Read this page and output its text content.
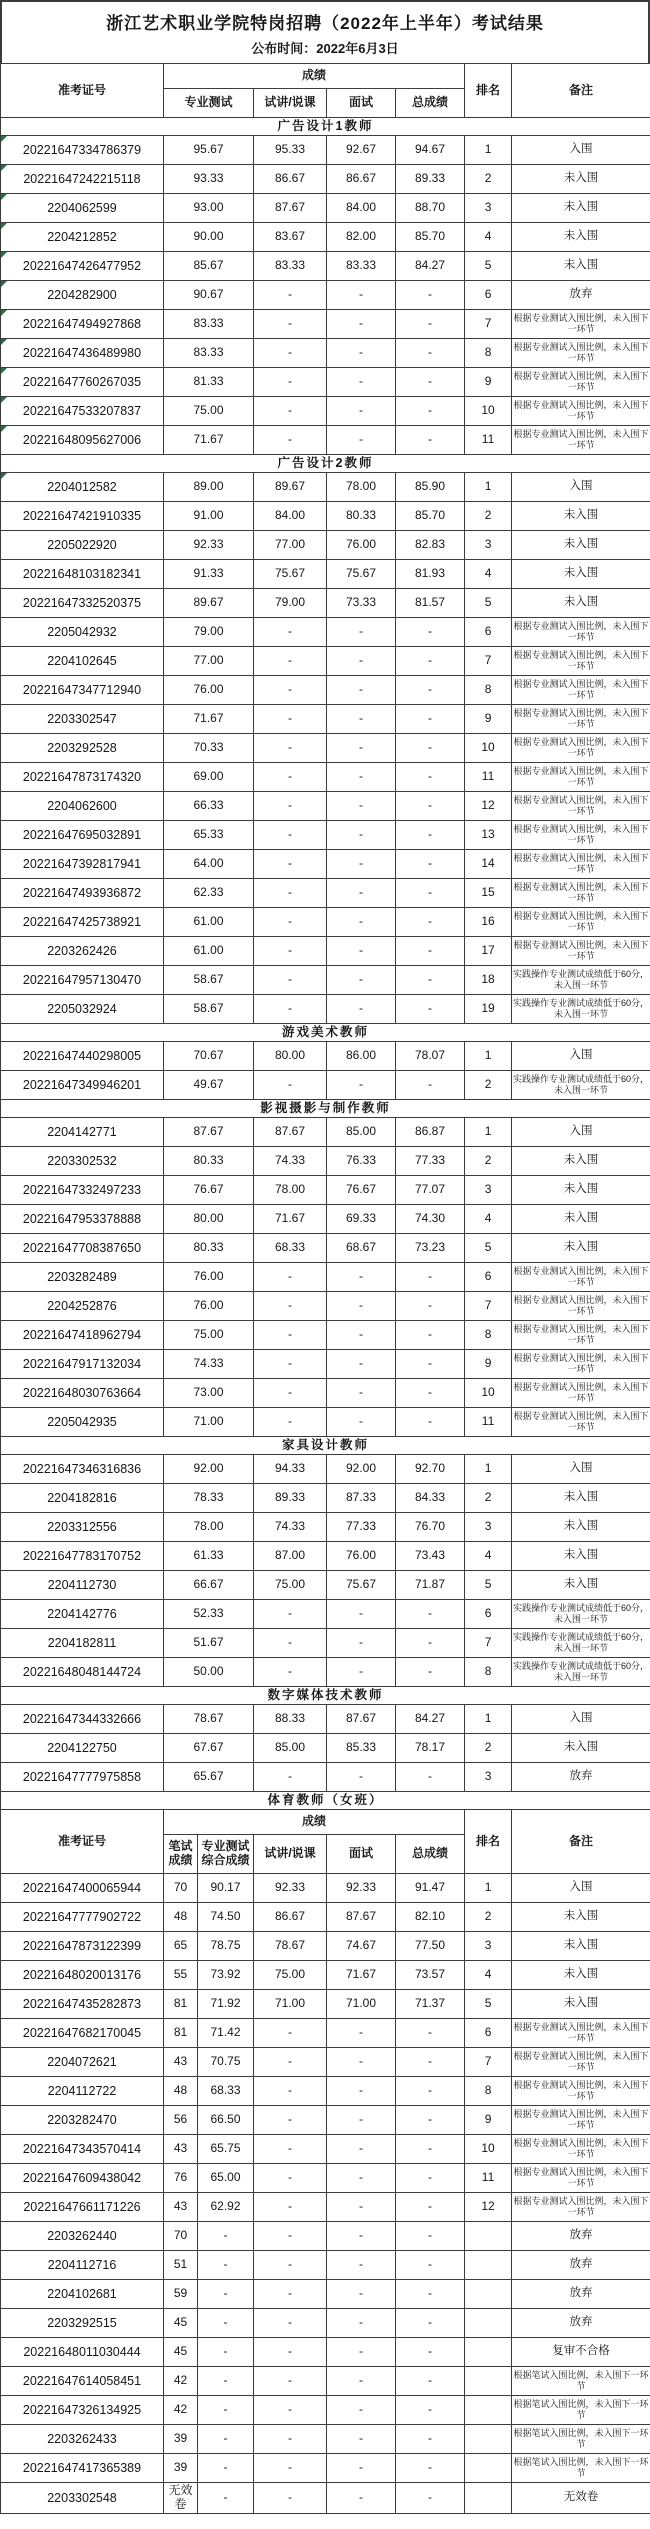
浙江艺术职业学院特岗招聘（2022年上半年）考试结果
公布时间：2022年6月3日
准考证号	成绩					排名	备注
	专业测试		试讲/说课	面试	总成绩		
广告设计1教师							
20221647334786379	95.67		95.33	92.67	94.67	1	入围
20221647242215118	93.33		86.67	86.67	89.33	2	未入围
2204062599	93.00		87.67	84.00	88.70	3	未入围
2204212852	90.00		83.67	82.00	85.70	4	未入围
20221647426477952	85.67		83.33	83.33	84.27	5	未入围
2204282900	90.67		-	-	-	6	放弃
20221647494927868	83.33		-	-	-	7	根据专业测试入围比例，未入围下一环节
20221647436489980	83.33		-	-	-	8	根据专业测试入围比例，未入围下一环节
20221647760267035	81.33		-	-	-	9	根据专业测试入围比例，未入围下一环节
20221647533207837	75.00		-	-	-	10	根据专业测试入围比例，未入围下一环节
20221648095627006	71.67		-	-	-	11	根据专业测试入围比例，未入围下一环节
广告设计2教师							
2204012582	89.00		89.67	78.00	85.90	1	入围
20221647421910335	91.00		84.00	80.33	85.70	2	未入围
2205022920	92.33		77.00	76.00	82.83	3	未入围
20221648103182341	91.33		75.67	75.67	81.93	4	未入围
20221647332520375	89.67		79.00	73.33	81.57	5	未入围
2205042932	79.00		-	-	-	6	根据专业测试入围比例，未入围下一环节
2204102645	77.00		-	-	-	7	根据专业测试入围比例，未入围下一环节
20221647347712940	76.00		-	-	-	8	根据专业测试入围比例，未入围下一环节
2203302547	71.67		-	-	-	9	根据专业测试入围比例，未入围下一环节
2203292528	70.33		-	-	-	10	根据专业测试入围比例，未入围下一环节
20221647873174320	69.00		-	-	-	11	根据专业测试入围比例，未入围下一环节
2204062600	66.33		-	-	-	12	根据专业测试入围比例，未入围下一环节
20221647695032891	65.33		-	-	-	13	根据专业测试入围比例，未入围下一环节
20221647392817941	64.00		-	-	-	14	根据专业测试入围比例，未入围下一环节
20221647493936872	62.33		-	-	-	15	根据专业测试入围比例，未入围下一环节
20221647425738921	61.00		-	-	-	16	根据专业测试入围比例，未入围下一环节
2203262426	61.00		-	-	-	17	根据专业测试入围比例，未入围下一环节
20221647957130470	58.67		-	-	-	18	实践操作专业测试成绩低于60分，未入围一环节
2205032924	58.67		-	-	-	19	实践操作专业测试成绩低于60分，未入围一环节
游戏美术教师							
20221647440298005	70.67		80.00	86.00	78.07	1	入围
20221647349946201	49.67		-	-	-	2	实践操作专业测试成绩低于60分，未入围一环节
影视摄影与制作教师							
2204142771	87.67		87.67	85.00	86.87	1	入围
2203302532	80.33		74.33	76.33	77.33	2	未入围
20221647332497233	76.67		78.00	76.67	77.07	3	未入围
20221647953378888	80.00		71.67	69.33	74.30	4	未入围
20221647708387650	80.33		68.33	68.67	73.23	5	未入围
2203282489	76.00		-	-	-	6	根据专业测试入围比例，未入围下一环节
2204252876	76.00		-	-	-	7	根据专业测试入围比例，未入围下一环节
20221647418962794	75.00		-	-	-	8	根据专业测试入围比例，未入围下一环节
20221647917132034	74.33		-	-	-	9	根据专业测试入围比例，未入围下一环节
20221648030763664	73.00		-	-	-	10	根据专业测试入围比例，未入围下一环节
2205042935	71.00		-	-	-	11	根据专业测试入围比例，未入围下一环节
家具设计教师							
20221647346316836	92.00		94.33	92.00	92.70	1	入围
2204182816	78.33		89.33	87.33	84.33	2	未入围
2203312556	78.00		74.33	77.33	76.70	3	未入围
20221647783170752	61.33		87.00	76.00	73.43	4	未入围
2204112730	66.67		75.00	75.67	71.87	5	未入围
2204142776	52.33		-	-	-	6	实践操作专业测试成绩低于60分，未入围一环节
2204182811	51.67		-	-	-	7	实践操作专业测试成绩低于60分，未入围一环节
20221648048144724	50.00		-	-	-	8	实践操作专业测试成绩低于60分，未入围一环节
数字媒体技术教师							
20221647344332666	78.67		88.33	87.67	84.27	1	入围
2204122750	67.67		85.00	85.33	78.17	2	未入围
20221647777975858	65.67		-	-	-	3	放弃
体育教师（女班）							
准考证号	成绩					排名	备注
	笔试成绩	专业测试综合成绩	试讲/说课	面试	总成绩		
20221647400065944	70	90.17	92.33	92.33	91.47	1	入围
20221647777902722	48	74.50	86.67	87.67	82.10	2	未入围
20221647873122399	65	78.75	78.67	74.67	77.50	3	未入围
20221648020013176	55	73.92	75.00	71.67	73.57	4	未入围
20221647435282873	81	71.92	71.00	71.00	71.37	5	未入围
20221647682170045	81	71.42	-	-	-	6	根据专业测试入围比例，未入围下一环节
2204072621	43	70.75	-	-	-	7	根据专业测试入围比例，未入围下一环节
2204112722	48	68.33	-	-	-	8	根据专业测试入围比例，未入围下一环节
2203282470	56	66.50	-	-	-	9	根据专业测试入围比例，未入围下一环节
20221647343570414	43	65.75	-	-	-	10	根据专业测试入围比例，未入围下一环节
20221647609438042	76	65.00	-	-	-	11	根据专业测试入围比例，未入围下一环节
20221647661171226	43	62.92	-	-	-	12	根据专业测试入围比例，未入围下一环节
2203262440	70	-	-	-	-		放弃
2204112716	51	-	-	-	-		放弃
2204102681	59	-	-	-	-		放弃
2203292515	45	-	-	-	-		放弃
20221648011030444	45	-	-	-	-		复审不合格
20221647614058451	42	-	-	-	-		根据笔试入围比例，未入围下一环节
20221647326134925	42	-	-	-	-		根据笔试入围比例，未入围下一环节
2203262433	39	-	-	-	-		根据笔试入围比例，未入围下一环节
20221647417365389	39	-	-	-	-		根据笔试入围比例，未入围下一环节
2203302548	无效卷	-	-	-	-		无效卷
